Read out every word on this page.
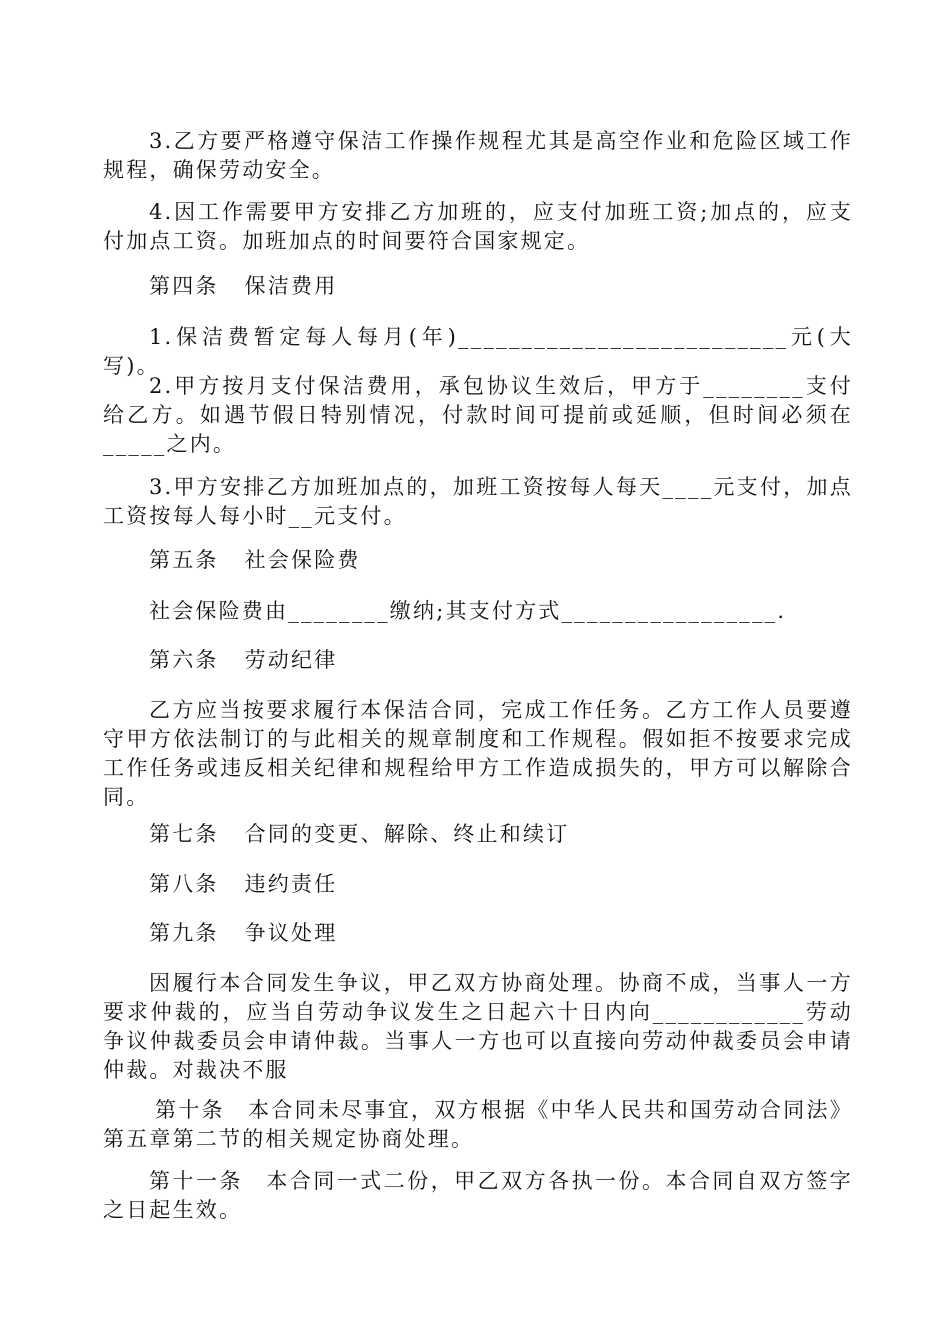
3.乙方要严格遵守保洁工作操作规程尤其是高空作业和危险区域工作规程，确保劳动安全。

4.因工作需要甲方安排乙方加班的，应支付加班工资;加点的，应支付加点工资。加班加点的时间要符合国家规定。

第四条 保洁费用

1.保洁费暂定每人每月(年)__________________________元(大写)。

2.甲方按月支付保洁费用，承包协议生效后，甲方于________支付给乙方。如遇节假日特别情况，付款时间可提前或延顺，但时间必须在_____之内。

3.甲方安排乙方加班加点的，加班工资按每人每天____元支付，加点工资按每人每小时__元支付。

第五条 社会保险费

社会保险费由________缴纳;其支付方式_________________.

第六条 劳动纪律

乙方应当按要求履行本保洁合同，完成工作任务。乙方工作人员要遵守甲方依法制订的与此相关的规章制度和工作规程。假如拒不按要求完成工作任务或违反相关纪律和规程给甲方工作造成损失的，甲方可以解除合同。

第七条 合同的变更、解除、终止和续订

第八条 违约责任

第九条 争议处理

因履行本合同发生争议，甲乙双方协商处理。协商不成，当事人一方要求仲裁的，应当自劳动争议发生之日起六十日内向____________劳动争议仲裁委员会申请仲裁。当事人一方也可以直接向劳动仲裁委员会申请仲裁。对裁决不服

第十条　本合同未尽事宜，双方根据《中华人民共和国劳动合同法》第五章第二节的相关规定协商处理。

第十一条　本合同一式二份，甲乙双方各执一份。本合同自双方签字之日起生效。
